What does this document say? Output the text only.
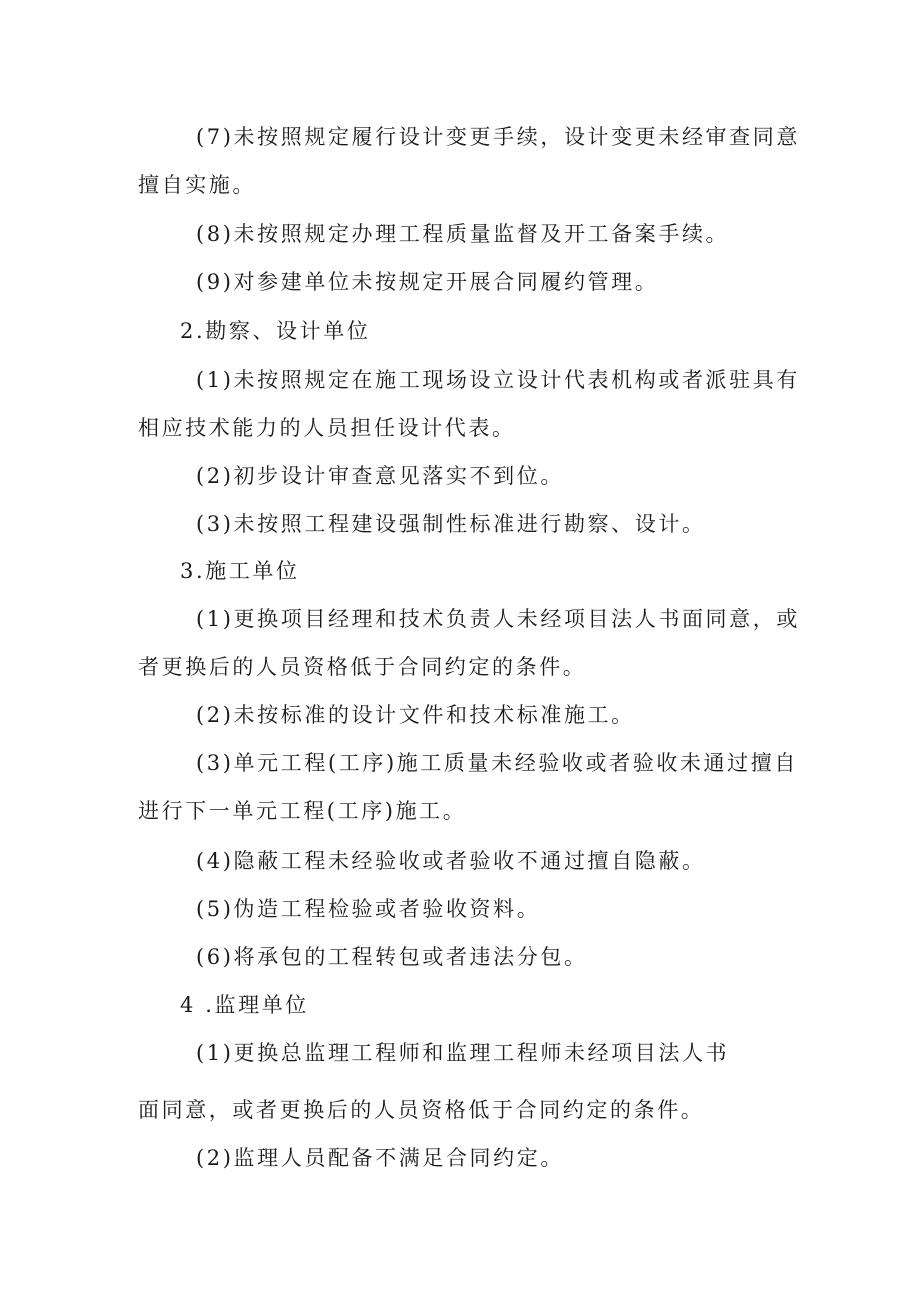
(7)未按照规定履行设计变更手续，设计变更未经审查同意
擅自实施。
(8)未按照规定办理工程质量监督及开工备案手续。
(9)对参建单位未按规定开展合同履约管理。
2.勘察、设计单位
(1)未按照规定在施工现场设立设计代表机构或者派驻具有
相应技术能力的人员担任设计代表。
(2)初步设计审查意见落实不到位。
(3)未按照工程建设强制性标准进行勘察、设计。
3.施工单位
(1)更换项目经理和技术负责人未经项目法人书面同意，或
者更换后的人员资格低于合同约定的条件。
(2)未按标准的设计文件和技术标准施工。
(3)单元工程(工序)施工质量未经验收或者验收未通过擅自
进行下一单元工程(工序)施工。
(4)隐蔽工程未经验收或者验收不通过擅自隐蔽。
(5)伪造工程检验或者验收资料。
(6)将承包的工程转包或者违法分包。
4 .监理单位
(1)更换总监理工程师和监理工程师未经项目法人书
面同意，或者更换后的人员资格低于合同约定的条件。
(2)监理人员配备不满足合同约定。
